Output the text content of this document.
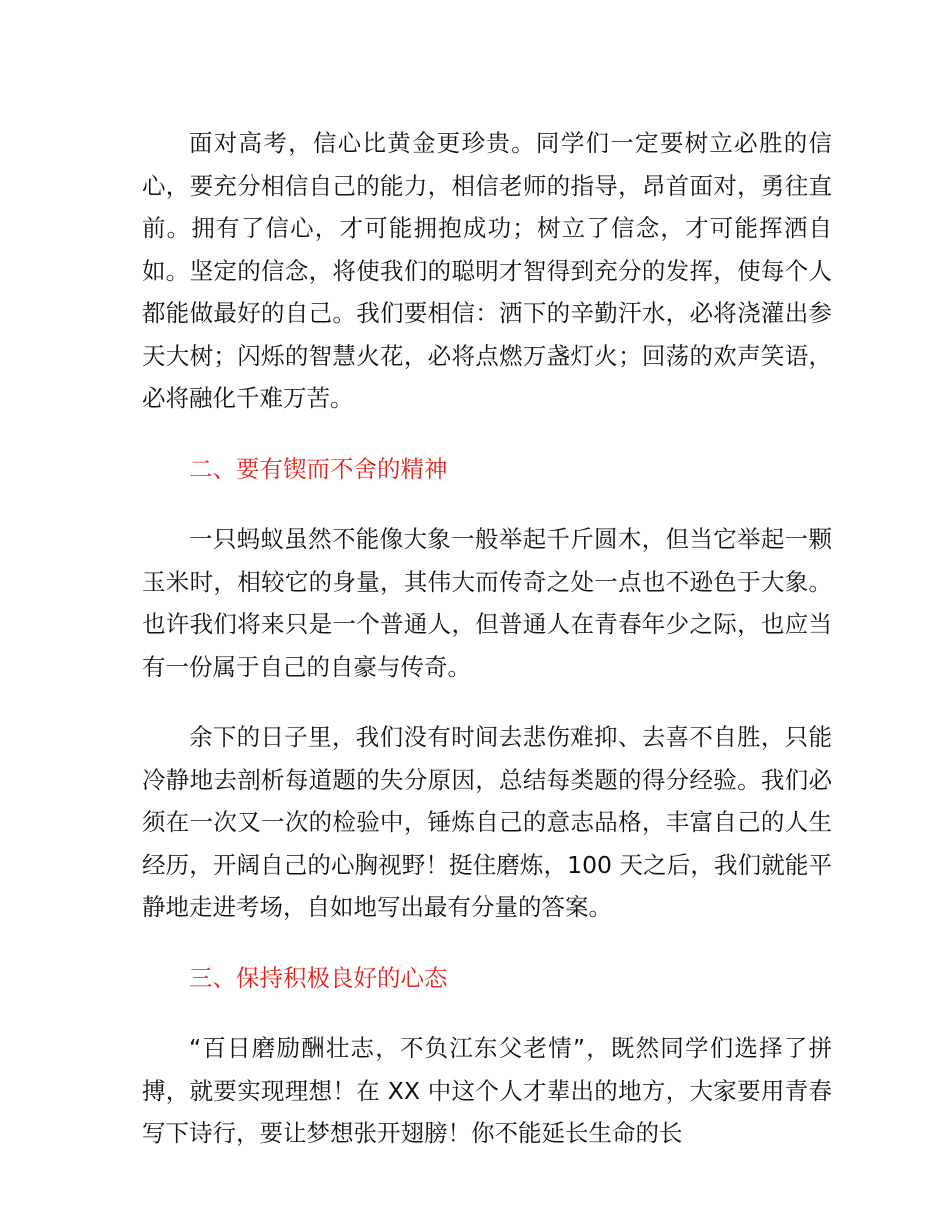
面对高考，信心比黄金更珍贵。同学们一定要树立必胜的信心，要充分相信自己的能力，相信老师的指导，昂首面对，勇往直前。拥有了信心，才可能拥抱成功；树立了信念，才可能挥洒自如。坚定的信念，将使我们的聪明才智得到充分的发挥，使每个人都能做最好的自己。我们要相信：洒下的辛勤汗水，必将浇灌出参天大树；闪烁的智慧火花，必将点燃万盏灯火；回荡的欢声笑语，必将融化千难万苦。

二、要有锲而不舍的精神

一只蚂蚁虽然不能像大象一般举起千斤圆木，但当它举起一颗玉米时，相较它的身量，其伟大而传奇之处一点也不逊色于大象。也许我们将来只是一个普通人，但普通人在青春年少之际，也应当有一份属于自己的自豪与传奇。

余下的日子里，我们没有时间去悲伤难抑、去喜不自胜，只能冷静地去剖析每道题的失分原因，总结每类题的得分经验。我们必须在一次又一次的检验中，锤炼自己的意志品格，丰富自己的人生经历，开阔自己的心胸视野！挺住磨炼，100 天之后，我们就能平静地走进考场，自如地写出最有分量的答案。

三、保持积极良好的心态

“百日磨励酬壮志，不负江东父老情”，既然同学们选择了拼搏，就要实现理想！在 XX 中这个人才辈出的地方，大家要用青春写下诗行，要让梦想张开翅膀！你不能延长生命的长
